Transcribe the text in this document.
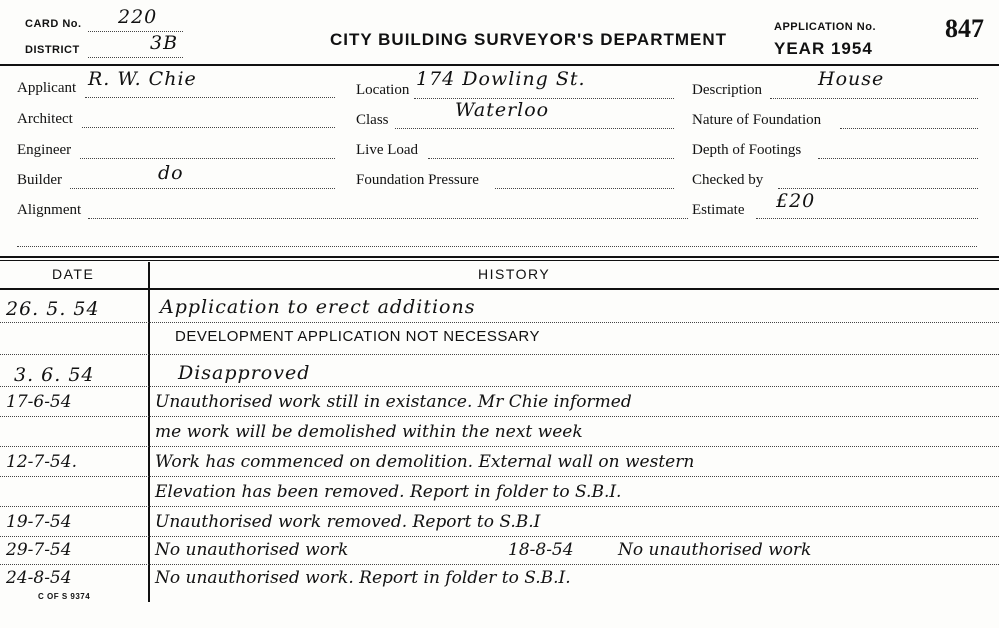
CARD No. 220
DISTRICT	3B	CITY BUILDING SURVEYOR'S DEPARTMENT
APPLICATION No.	847
YEAR 1954
Applicant R. W. Chie
Architect
Engineer
Builder	do
Alignment
Location 174 Dowling St.
Class	Waterloo
Live Load
Foundation Pressure
Description	House
Nature of Foundation
Depth of Footings
Checked by
Estimate £20
DATE	HISTORY
26. 5. 54	Application to erect additions
DEVELOPMENT APPLICATION NOT NECESSARY
3. 6. 54	Disapproved
17-6-54	Unauthorised work still in existance. Mr Chie informed
me work will be demolished within the next week
12-7-54.	Work has commenced on demolition. External wall on western
Elevation has been removed. Report in folder to S.B.I.
19-7-54	Unauthorised work removed. Report to S.B.I
29-7-54	No unauthorised work	18-8-54	No unauthorised work
24-8-54	No unauthorised work. Report in folder to S.B.I.
C OF S 9374
